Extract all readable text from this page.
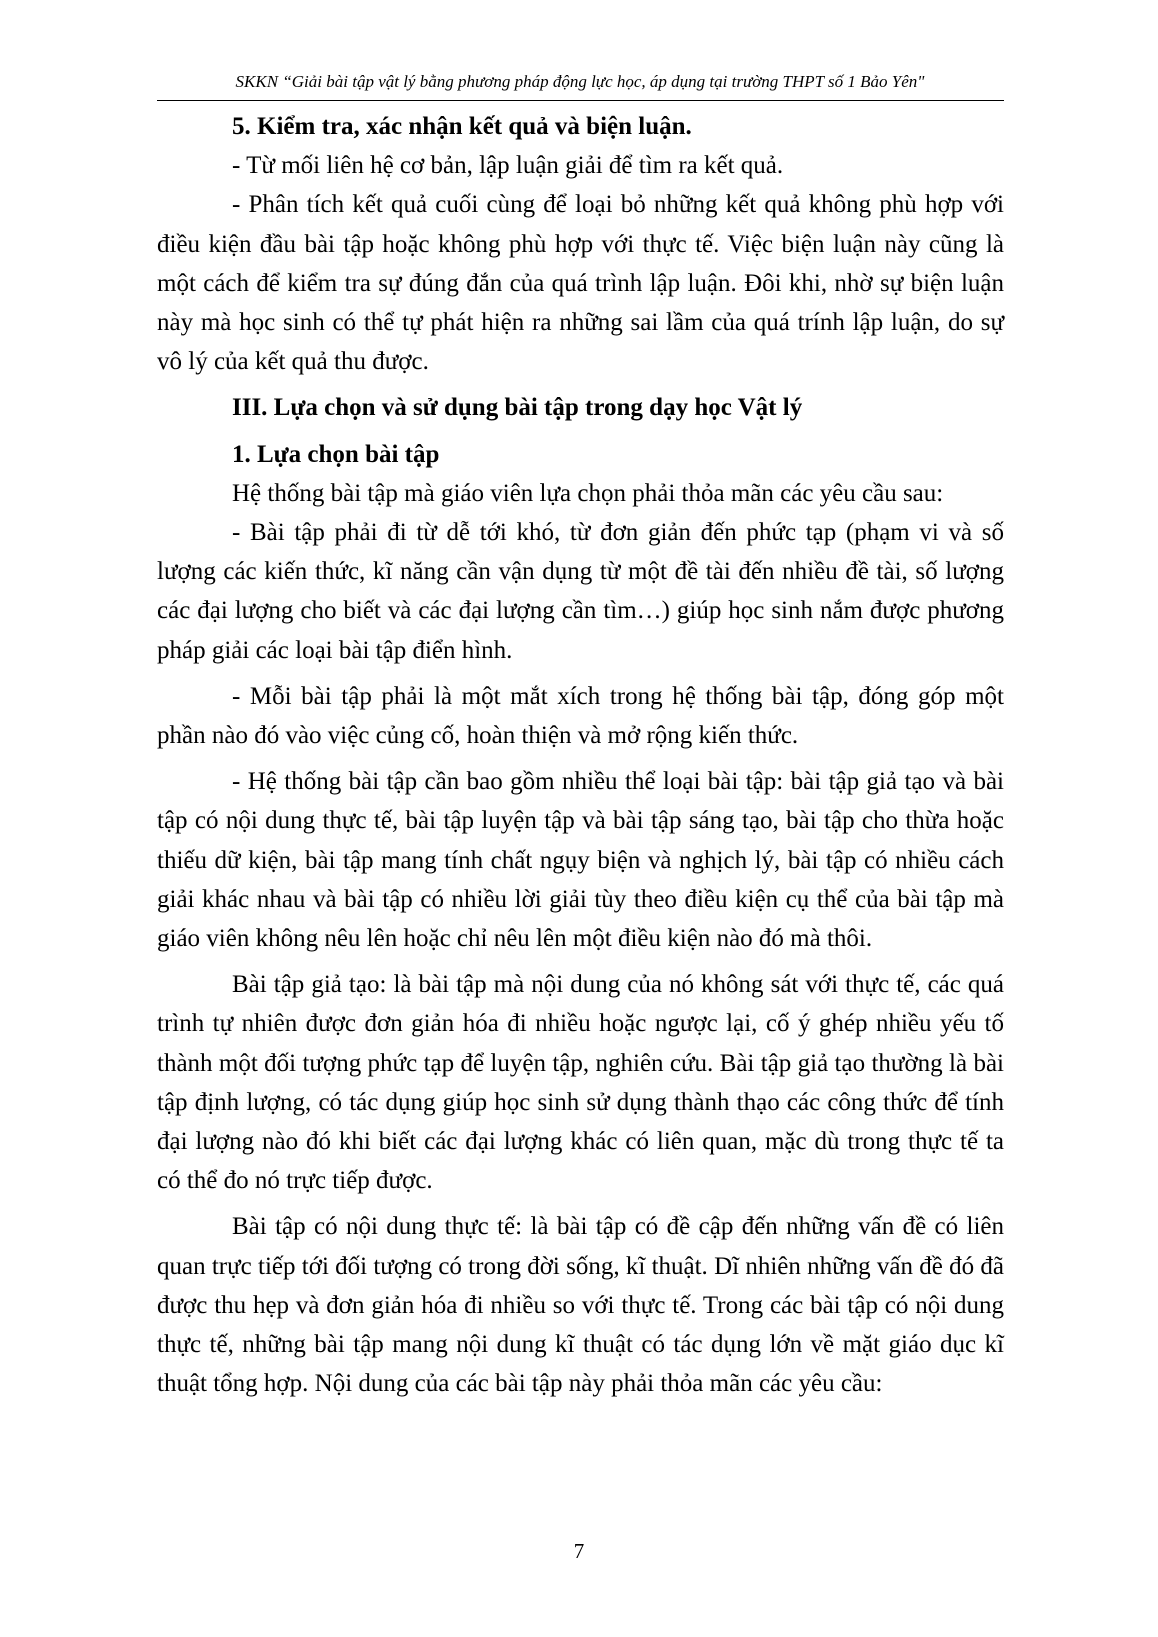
SKKN “Giải bài tập vật lý bằng phương pháp động lực học, áp dụng tại trường THPT số 1 Bảo Yên"

5. Kiểm tra, xác nhận kết quả và biện luận.

- Từ mối liên hệ cơ bản, lập luận giải để tìm ra kết quả.

- Phân tích kết quả cuối cùng để loại bỏ những kết quả không phù hợp với điều kiện đầu bài tập hoặc không phù hợp với thực tế. Việc biện luận này cũng là một cách để kiểm tra sự đúng đắn của quá trình lập luận. Đôi khi, nhờ sự biện luận này mà học sinh có thể tự phát hiện ra những sai lầm của quá trính lập luận, do sự vô lý của kết quả thu được.

III. Lựa chọn và sử dụng bài tập trong dạy học Vật lý

1. Lựa chọn bài tập

Hệ thống bài tập mà giáo viên lựa chọn phải thỏa mãn các yêu cầu sau:

- Bài tập phải đi từ dễ tới khó, từ đơn giản đến phức tạp (phạm vi và số lượng các kiến thức, kĩ năng cần vận dụng từ một đề tài đến nhiều đề tài, số lượng các đại lượng cho biết và các đại lượng cần tìm…) giúp học sinh nắm được phương pháp giải các loại bài tập điển hình.

- Mỗi bài tập phải là một mắt xích trong hệ thống bài tập, đóng góp một phần nào đó vào việc củng cố, hoàn thiện và mở rộng kiến thức.

- Hệ thống bài tập cần bao gồm nhiều thể loại bài tập: bài tập giả tạo và bài tập có nội dung thực tế, bài tập luyện tập và bài tập sáng tạo, bài tập cho thừa hoặc thiếu dữ kiện, bài tập mang tính chất ngụy biện và nghịch lý, bài tập có nhiều cách giải khác nhau và bài tập có nhiều lời giải tùy theo điều kiện cụ thể của bài tập mà giáo viên không nêu lên hoặc chỉ nêu lên một điều kiện nào đó mà thôi.

Bài tập giả tạo: là bài tập mà nội dung của nó không sát với thực tế, các quá trình tự nhiên được đơn giản hóa đi nhiều hoặc ngược lại, cố ý ghép nhiều yếu tố thành một đối tượng phức tạp để luyện tập, nghiên cứu. Bài tập giả tạo thường là bài tập định lượng, có tác dụng giúp học sinh sử dụng thành thạo các công thức để tính đại lượng nào đó khi biết các đại lượng khác có liên quan, mặc dù trong thực tế ta có thể đo nó trực tiếp được.

Bài tập có nội dung thực tế: là bài tập có đề cập đến những vấn đề có liên quan trực tiếp tới đối tượng có trong đời sống, kĩ thuật. Dĩ nhiên những vấn đề đó đã được thu hẹp và đơn giản hóa đi nhiều so với thực tế. Trong các bài tập có nội dung thực tế, những bài tập mang nội dung kĩ thuật có tác dụng lớn về mặt giáo dục kĩ thuật tổng hợp. Nội dung của các bài tập này phải thỏa mãn các yêu cầu:

7
